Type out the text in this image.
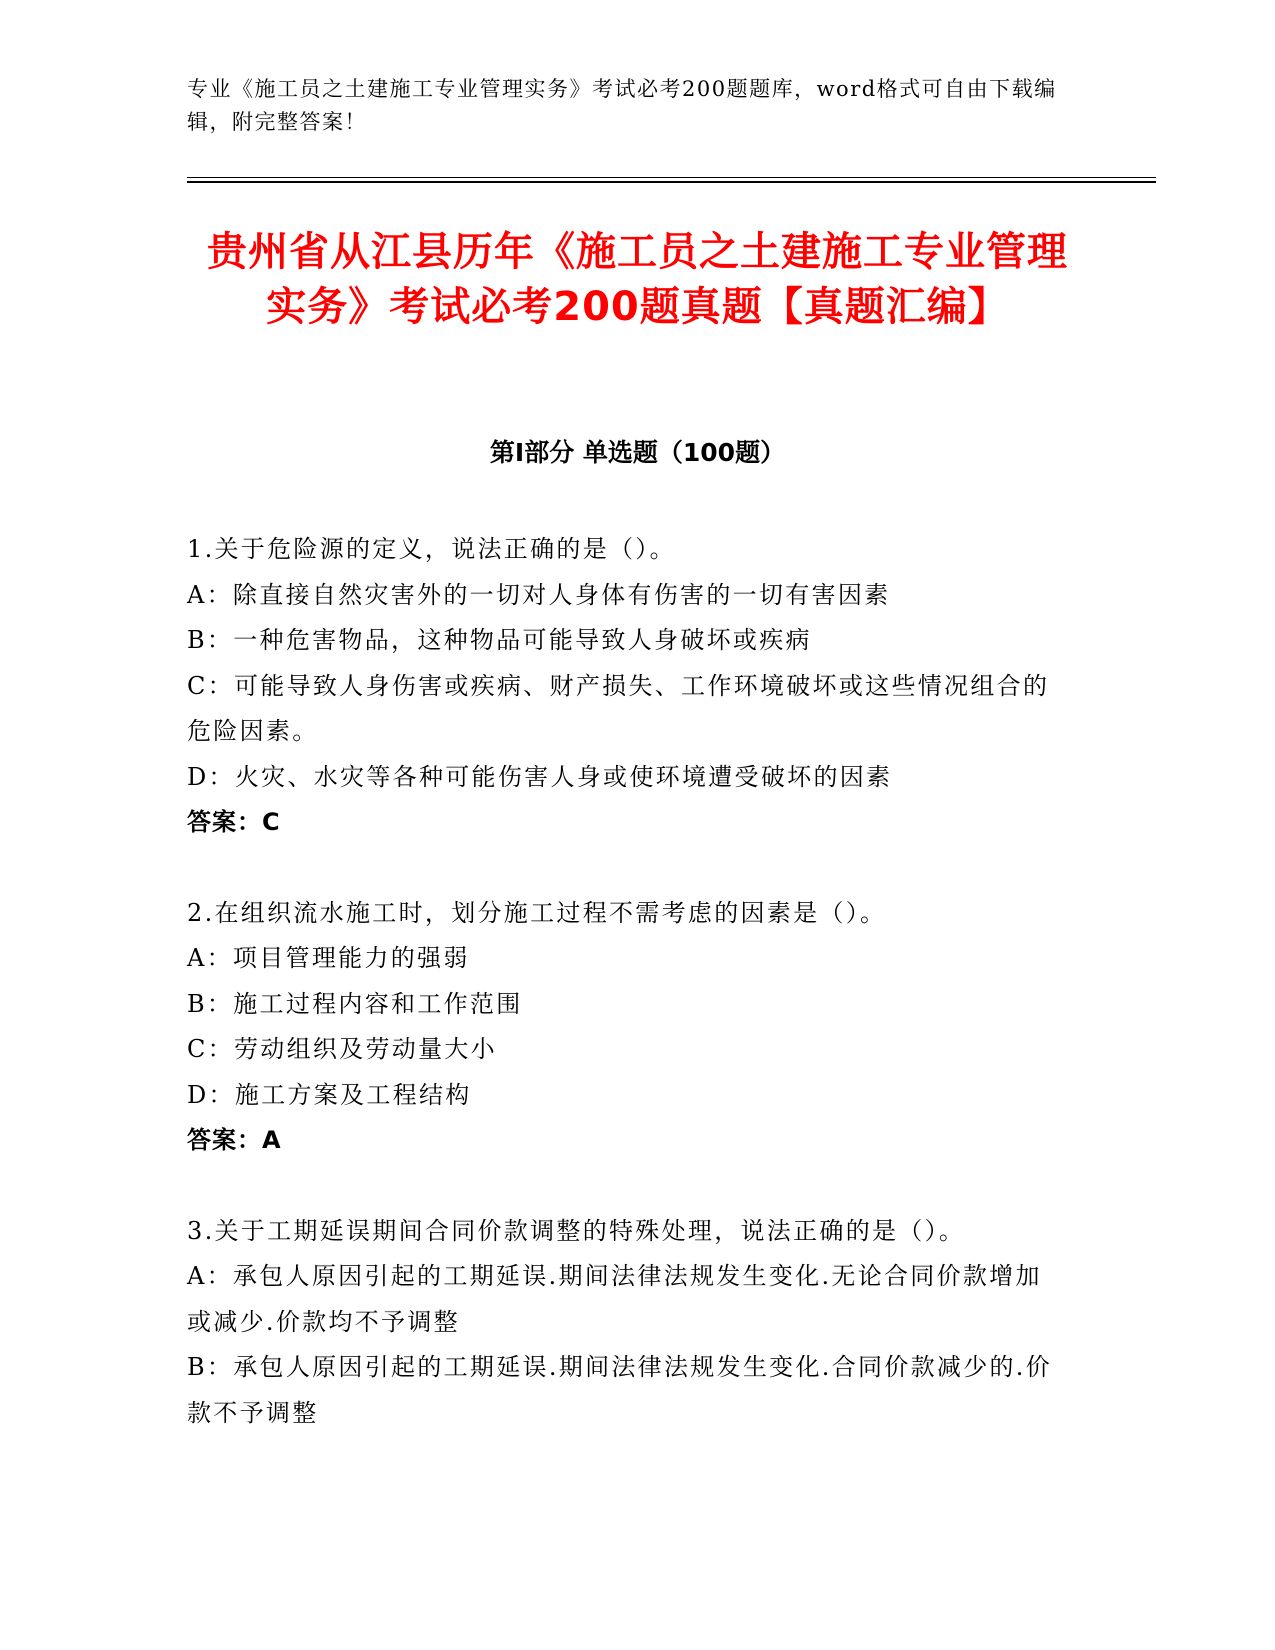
专业《施工员之土建施工专业管理实务》考试必考200题题库，word格式可自由下载编辑，附完整答案！
贵州省从江县历年《施工员之土建施工专业管理实务》考试必考200题真题【真题汇编】
第I部分 单选题（100题）
1.关于危险源的定义，说法正确的是（）。
A：除直接自然灾害外的一切对人身体有伤害的一切有害因素
B：一种危害物品，这种物品可能导致人身破坏或疾病
C：可能导致人身伤害或疾病、财产损失、工作环境破坏或这些情况组合的危险因素。
D：火灾、水灾等各种可能伤害人身或使环境遭受破坏的因素
答案：C
2.在组织流水施工时，划分施工过程不需考虑的因素是（）。
A：项目管理能力的强弱
B：施工过程内容和工作范围
C：劳动组织及劳动量大小
D：施工方案及工程结构
答案：A
3.关于工期延误期间合同价款调整的特殊处理，说法正确的是（）。
A：承包人原因引起的工期延误.期间法律法规发生变化.无论合同价款增加或减少.价款均不予调整
B：承包人原因引起的工期延误.期间法律法规发生变化.合同价款减少的.价款不予调整
